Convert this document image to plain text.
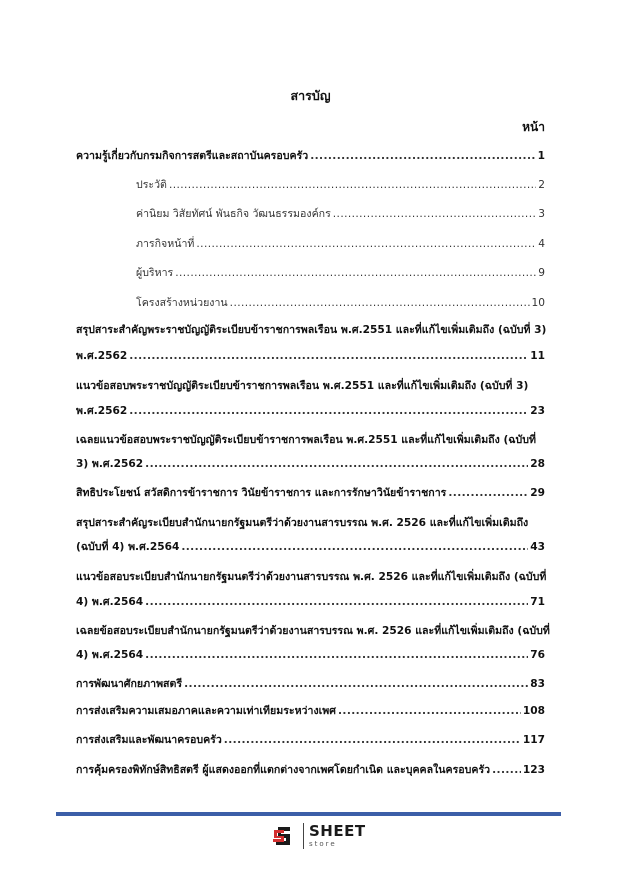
สารบัญ
หน้า
ความรู้เกี่ยวกับกรมกิจการสตรีและสถาบันครอบครัว .....	1
ประวัติ .....	2
ค่านิยม วิสัยทัศน์ พันธกิจ วัฒนธรรมองค์กร .....	3
ภารกิจหน้าที่ .....	4
ผู้บริหาร .....	9
โครงสร้างหน่วยงาน .....	10
สรุปสาระสำคัญพระราชบัญญัติระเบียบข้าราชการพลเรือน พ.ศ.2551 และที่แก้ไขเพิ่มเติมถึง (ฉบับที่ 3)
พ.ศ.2562 .....	11
แนวข้อสอบพระราชบัญญัติระเบียบข้าราชการพลเรือน พ.ศ.2551 และที่แก้ไขเพิ่มเติมถึง (ฉบับที่ 3)
พ.ศ.2562 .....	23
เฉลยแนวข้อสอบพระราชบัญญัติระเบียบข้าราชการพลเรือน พ.ศ.2551 และที่แก้ไขเพิ่มเติมถึง (ฉบับที่
3) พ.ศ.2562 .....	28
สิทธิประโยชน์ สวัสดิการข้าราชการ วินัยข้าราชการ และการรักษาวินัยข้าราชการ .....	29
สรุปสาระสำคัญระเบียบสำนักนายกรัฐมนตรีว่าด้วยงานสารบรรณ พ.ศ. 2526 และที่แก้ไขเพิ่มเติมถึง
(ฉบับที่ 4) พ.ศ.2564 .....	43
แนวข้อสอบระเบียบสำนักนายกรัฐมนตรีว่าด้วยงานสารบรรณ พ.ศ. 2526 และที่แก้ไขเพิ่มเติมถึง (ฉบับที่
4) พ.ศ.2564 .....	71
เฉลยข้อสอบระเบียบสำนักนายกรัฐมนตรีว่าด้วยงานสารบรรณ พ.ศ. 2526 และที่แก้ไขเพิ่มเติมถึง (ฉบับที่
4) พ.ศ.2564 .....	76
การพัฒนาศักยภาพสตรี .....	83
การส่งเสริมความเสมอภาคและความเท่าเทียมระหว่างเพศ .....	108
การส่งเสริมและพัฒนาครอบครัว .....	117
การคุ้มครองพิทักษ์สิทธิสตรี ผู้แสดงออกที่แตกต่างจากเพศโดยกำเนิด และบุคคลในครอบครัว .....	123
SHEET
store
